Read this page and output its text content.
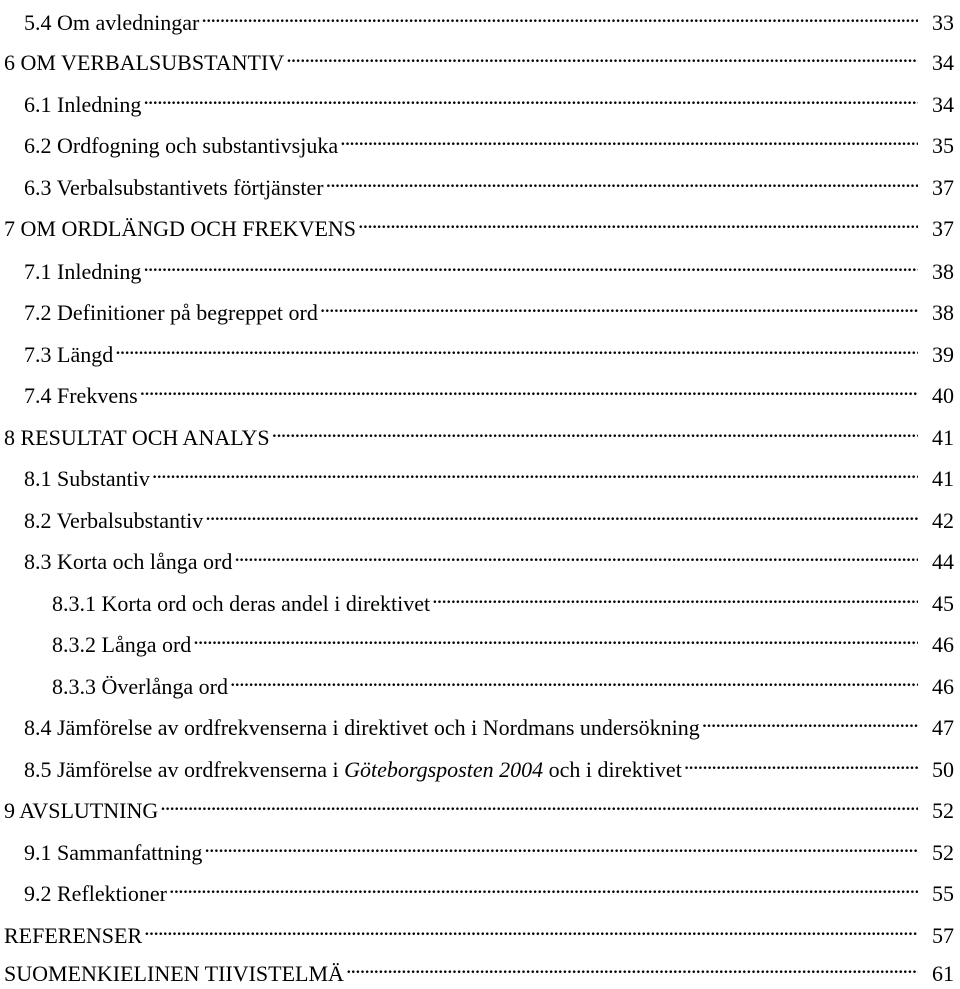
5.4 Om avledningar . . .	33
6 OM VERBALSUBSTANTIV . . .	34
6.1 Inledning . . .	34
6.2 Ordfogning och substantivsjuka . . .	35
6.3 Verbalsubstantivets förtjänster . . .	37
7 OM ORDLÄNGD OCH FREKVENS . . .	37
7.1 Inledning . . .	38
7.2 Definitioner på begreppet ord . . .	38
7.3 Längd . . .	39
7.4 Frekvens . . .	40
8 RESULTAT OCH ANALYS . . .	41
8.1 Substantiv . . .	41
8.2 Verbalsubstantiv . . .	42
8.3 Korta och långa ord . . .	44
8.3.1 Korta ord och deras andel i direktivet . . .	45
8.3.2 Långa ord . . .	46
8.3.3 Överlånga ord . . .	46
8.4 Jämförelse av ordfrekvenserna i direktivet och i Nordmans undersökning . . .	47
8.5 Jämförelse av ordfrekvenserna i Göteborgsposten 2004 och i direktivet . . .	50
9 AVSLUTNING . . .	52
9.1 Sammanfattning . . .	52
9.2 Reflektioner . . .	55
REFERENSER . . .	57
SUOMENKIELINEN TIIVISTELMÄ . . .	61
